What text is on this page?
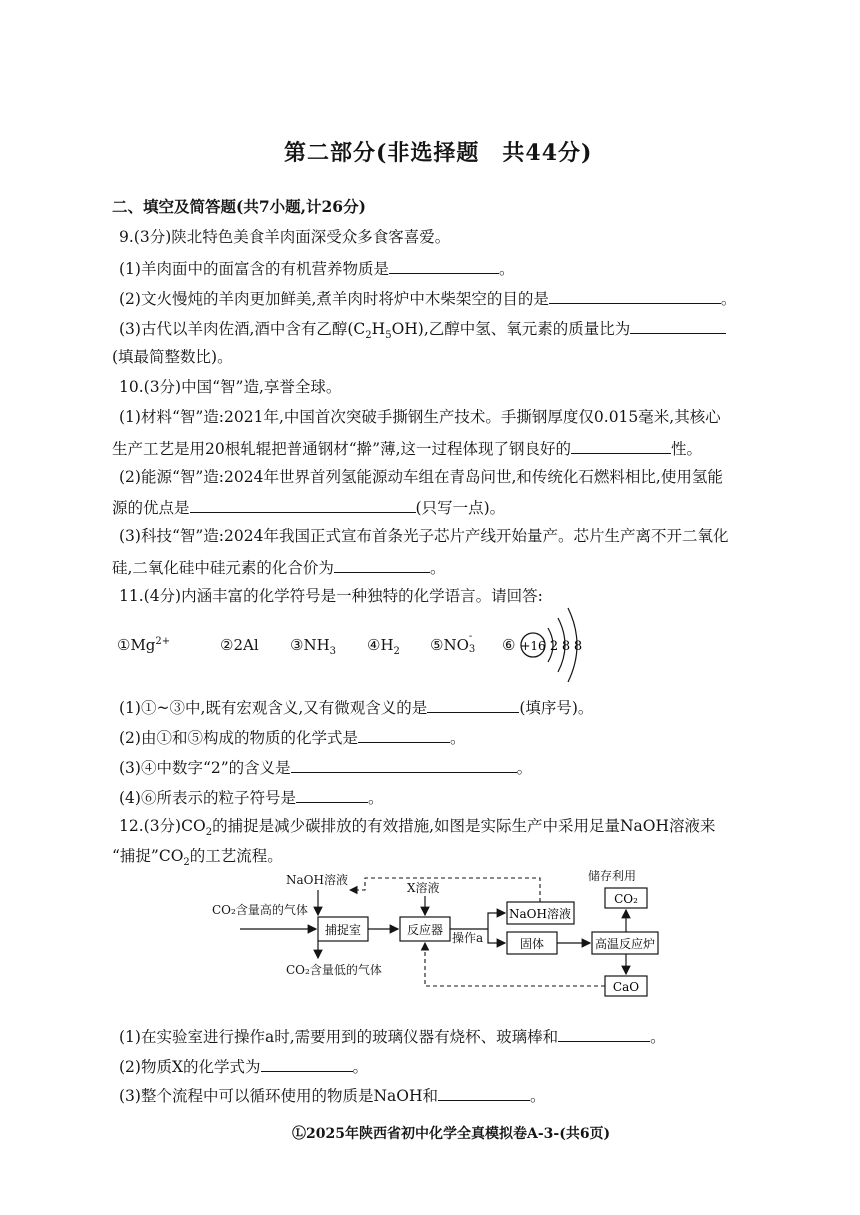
第二部分(非选择题　共44分)
二、填空及简答题(共7小题,计26分)
9.(3分)陕北特色美食羊肉面深受众多食客喜爱。
(1)羊肉面中的面富含的有机营养物质是	。
(2)文火慢炖的羊肉更加鲜美,煮羊肉时将炉中木柴架空的目的是	。
(3)古代以羊肉佐酒,酒中含有乙醇$(C_2H_5OH)$,乙醇中氢、氧元素的质量比为
(填最简整数比)。
10.(3分)中国“智”造,享誉全球。
(1)材料“智”造:2021年,中国首次突破手撕钢生产技术。手撕钢厚度仅0.015毫米,其核心
生产工艺是用20根轧辊把普通钢材“擀”薄,这一过程体现了钢良好的	性。
(2)能源“智”造:2024年世界首列氢能源动车组在青岛问世,和传统化石燃料相比,使用氢能
源的优点是	(只写一点)。
(3)科技“智”造:2024年我国正式宣布首条光子芯片产线开始量产。芯片生产离不开二氧化
硅,二氧化硅中硅元素的化合价为	。
11.(4分)内涵丰富的化学符号是一种独特的化学语言。请回答:
$①Mg^{2+}$	②2Al $③NH_3$ $④H_2$ ⑤NO -
3 ⑥ +16 2 8 8
(1)①~③中,既有宏观含义,又有微观含义的是	(填序号)。
(2)由①和⑤构成的物质的化学式是	。
(3)④中数字“2”的含义是	。
(4)⑥所表示的粒子符号是	。
12.(3分)$CO_2$的捕捉是减少碳排放的有效措施,如图是实际生产中采用足量NaOH溶液来
“捕捉$”CO_2$的工艺流程。
NaOH溶液
X溶液
CO₂含量高的气体
CO₂含量低的气体
储存利用
操作a
捕捉室	反应器
NaOH溶液
固体	高温反应炉
CO₂
CaO
(1)在实验室进行操作a时,需要用到的玻璃仪器有烧杯、玻璃棒和	。
(2)物质X的化学式为	。
(3)整个流程中可以循环使用的物质是NaOH和	。
Ⓛ2025年陕西省初中化学全真模拟卷A-3-(共6页)
